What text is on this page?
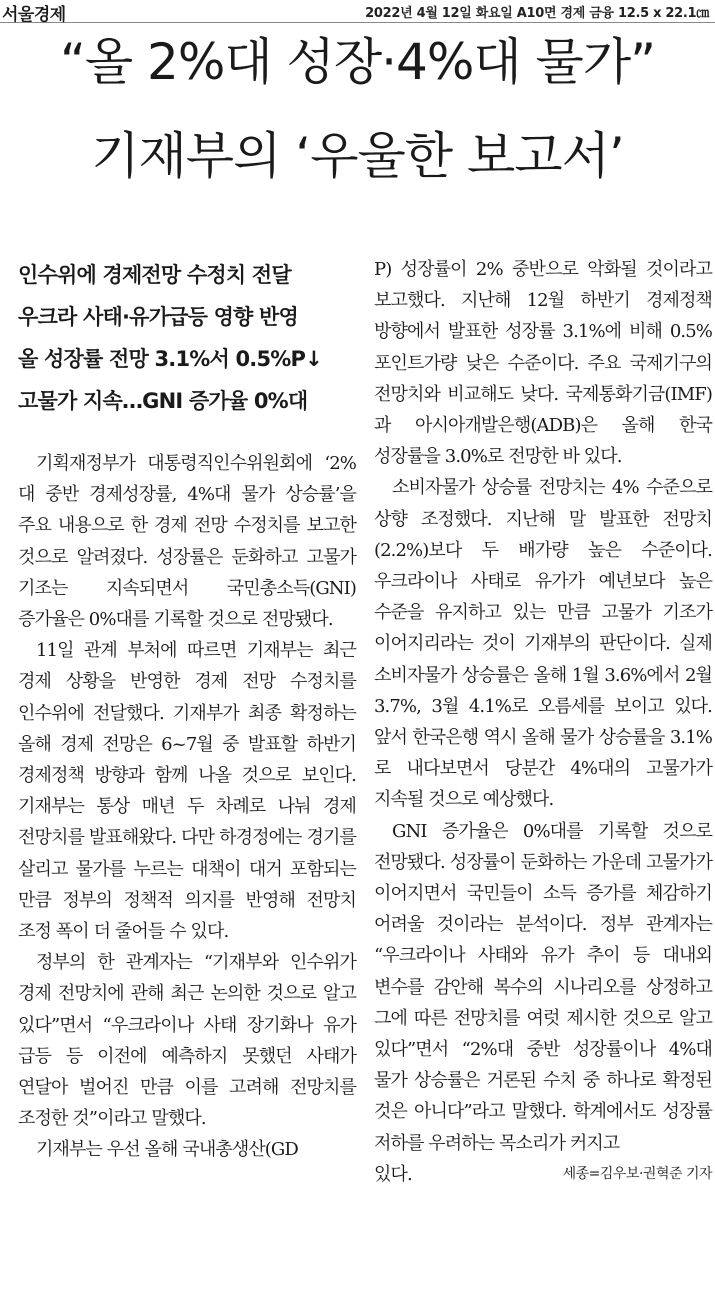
서울경제	2022년 4월 12일 화요일 A10면 경제 금융 12.5 x 22.1㎝
“올 2%대 성장·4%대 물가”
기재부의 ‘우울한 보고서’

인수위에 경제전망 수정치 전달

우크라 사태·유가급등 영향 반영

올 성장률 전망 3.1%서 0.5%P↓

고물가 지속…GNI 증가율 0%대

기획재정부가 대통령직인수위원회에 ‘2%대 중반 경제성장률, 4%대 물가 상승률’을 주요 내용으로 한 경제 전망 수정치를 보고한 것으로 알려졌다. 성장률은 둔화하고 고물가 기조는 지속되면서 국민총소득(GNI) 증가율은 0%대를 기록할 것으로 전망됐다.

11일 관계 부처에 따르면 기재부는 최근 경제 상황을 반영한 경제 전망 수정치를 인수위에 전달했다. 기재부가 최종 확정하는 올해 경제 전망은 6~7월 중 발표할 하반기 경제정책 방향과 함께 나올 것으로 보인다. 기재부는 통상 매년 두 차례로 나눠 경제 전망치를 발표해왔다. 다만 하경정에는 경기를 살리고 물가를 누르는 대책이 대거 포함되는 만큼 정부의 정책적 의지를 반영해 전망치 조정 폭이 더 줄어들 수 있다.

정부의 한 관계자는 “기재부와 인수위가 경제 전망치에 관해 최근 논의한 것으로 알고 있다”면서 “우크라이나 사태 장기화나 유가 급등 등 이전에 예측하지 못했던 사태가 연달아 벌어진 만큼 이를 고려해 전망치를 조정한 것”이라고 말했다.

기재부는 우선 올해 국내총생산(GD

P) 성장률이 2% 중반으로 악화될 것이라고 보고했다. 지난해 12월 하반기 경제정책 방향에서 발표한 성장률 3.1%에 비해 0.5%포인트가량 낮은 수준이다. 주요 국제기구의 전망치와 비교해도 낮다. 국제통화기금(IMF)과 아시아개발은행(ADB)은 올해 한국 성장률을 3.0%로 전망한 바 있다.

소비자물가 상승률 전망치는 4% 수준으로 상향 조정했다. 지난해 말 발표한 전망치(2.2%)보다 두 배가량 높은 수준이다. 우크라이나 사태로 유가가 예년보다 높은 수준을 유지하고 있는 만큼 고물가 기조가 이어지리라는 것이 기재부의 판단이다. 실제 소비자물가 상승률은 올해 1월 3.6%에서 2월 3.7%, 3월 4.1%로 오름세를 보이고 있다. 앞서 한국은행 역시 올해 물가 상승률을 3.1%로 내다보면서 당분간 4%대의 고물가가 지속될 것으로 예상했다.

GNI 증가율은 0%대를 기록할 것으로 전망됐다. 성장률이 둔화하는 가운데 고물가가 이어지면서 국민들이 소득 증가를 체감하기 어려울 것이라는 분석이다. 정부 관계자는 “우크라이나 사태와 유가 추이 등 대내외 변수를 감안해 복수의 시나리오를 상정하고 그에 따른 전망치를 여럿 제시한 것으로 알고 있다”면서 “2%대 중반 성장률이나 4%대 물가 상승률은 거론된 수치 중 하나로 확정된 것은 아니다”라고 말했다. 학계에서도 성장률 저하를 우려하는 목소리가 커지고

있다.	세종=김우보·권혁준 기자
